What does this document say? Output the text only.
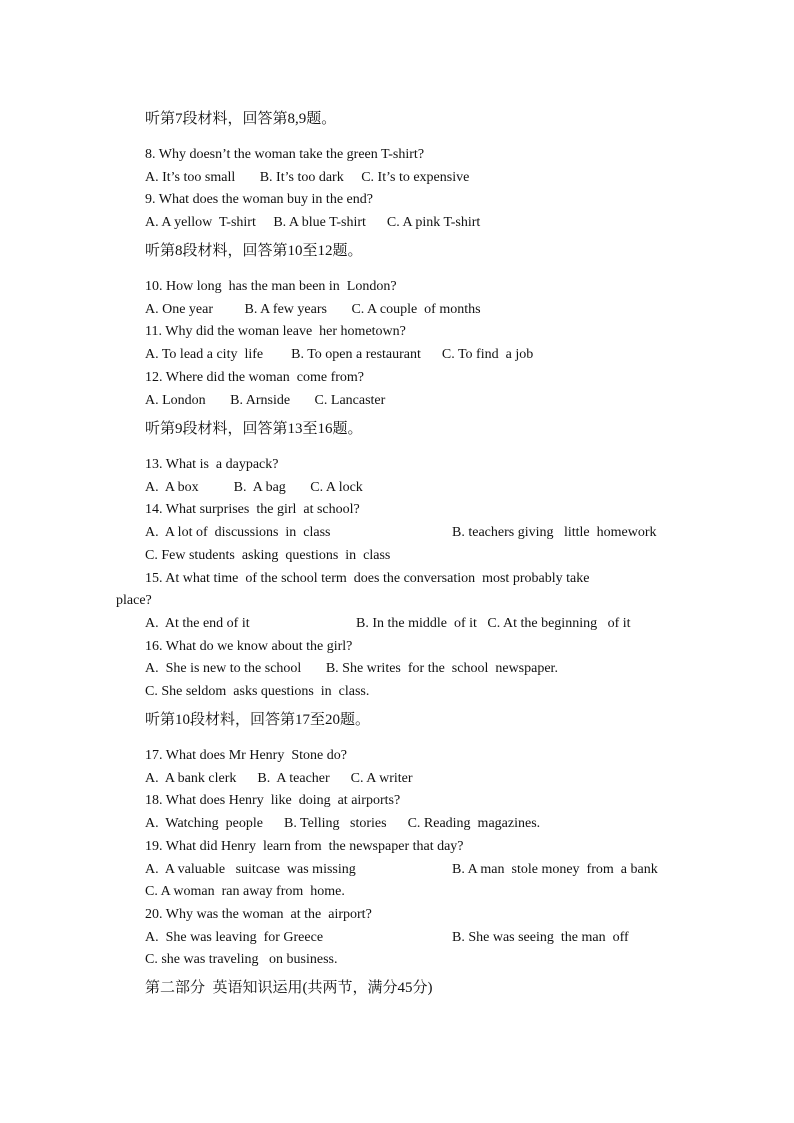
听第7段材料，回答第8,9题。
8. Why doesn’t the woman take the green T-shirt?
A. It’s too small       B. It’s too dark     C. It’s to expensive
9. What does the woman buy in the end?
A. A yellow  T-shirt     B. A blue T-shirt      C. A pink T-shirt
听第8段材料，回答第10至12题。
10. How long  has the man been in  London?
A. One year         B. A few years       C. A couple  of months
11. Why did the woman leave  her hometown?
A. To lead a city  life        B. To open a restaurant      C. To find  a job
12. Where did the woman  come from?
A. London       B. Arnside       C. Lancaster
听第9段材料，回答第13至16题。
13. What is  a daypack?
A.  A box          B.  A bag       C. A lock
14. What surprises  the girl  at school?
A.  A lot of  discussions  in  class	B. teachers giving   little  homework
C. Few students  asking  questions  in  class
15. At what time  of the school term  does the conversation  most probably take
place?
A.  At the end of it	B. In the middle  of it   C. At the beginning   of it
16. What do we know about the girl?
A.  She is new to the school       B. She writes  for the  school  newspaper.
C. She seldom  asks questions  in  class.
听第10段材料，回答第17至20题。
17. What does Mr Henry  Stone do?
A.  A bank clerk      B.  A teacher      C. A writer
18. What does Henry  like  doing  at airports?
A.  Watching  people      B. Telling   stories      C. Reading  magazines.
19. What did Henry  learn from  the newspaper that day?
A.  A valuable   suitcase  was missing	B. A man  stole money  from  a bank
C. A woman  ran away from  home.
20. Why was the woman  at the  airport?
A.  She was leaving  for Greece	B. She was seeing  the man  off
C. she was traveling   on business.
第二部分  英语知识运用(共两节，满分45分)
